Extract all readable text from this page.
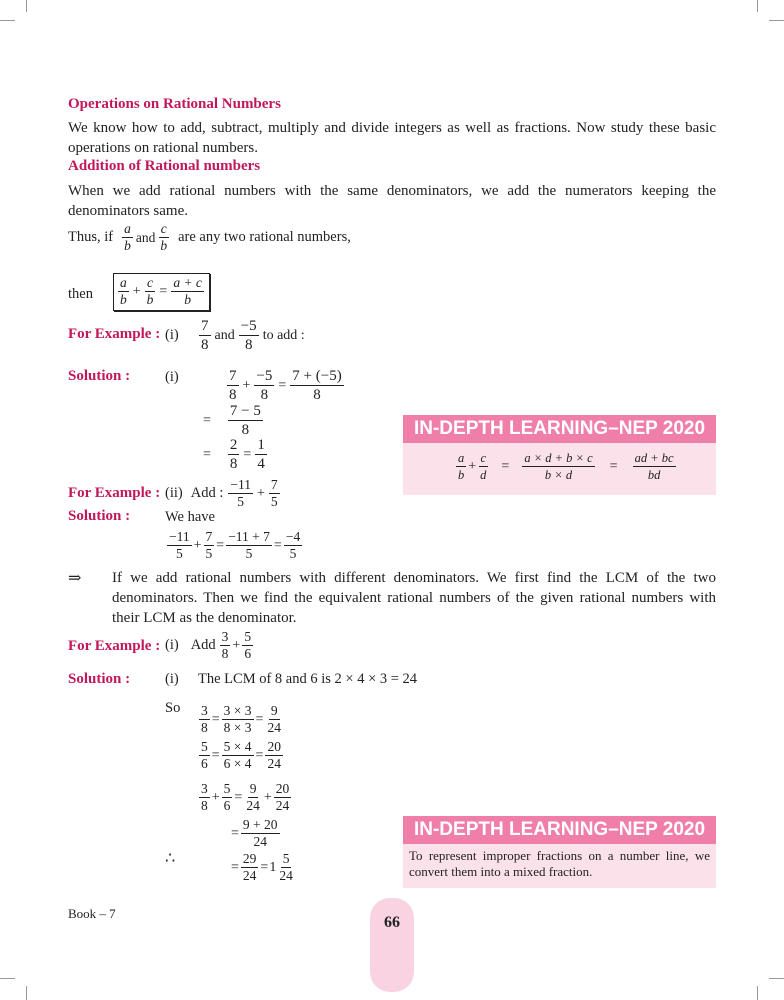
Operations on Rational Numbers
We know how to add, subtract, multiply and divide integers as well as fractions. Now study these basic operations on rational numbers.
Addition of Rational numbers
When we add rational numbers with the same denominators, we add the numerators keeping the denominators same.
Thus, if $\frac{a}{b}$ and $\frac{c}{b}$ are any two rational numbers,
then $\frac{a}{b} + \frac{c}{b} = \frac{a + c}{b}$
For Example : $(i) \frac{7}{8}$ and $\frac{-5}{8}$ to add :
Solution : (i)	$\frac{7}{8} + \frac{-5}{8} = \frac{7 + (-5)}{8}$
= $\frac{7 - 5}{8}$
= $\frac{2}{8} = \frac{1}{4}$
IN-DEPTH LEARNING–NEP 2020
$\frac{a}{b} + \frac{c}{d} = \frac{a \times d + b \times c}{b \times d} = \frac{ad + bc}{bd}$
For Example : (ii) Add : $\frac{-11}{5} + \frac{7}{5}$
Solution : We have
$\frac{-11}{5} + \frac{7}{5} = \frac{-11 + 7}{5} = \frac{-4}{5}$
⇒ If we add rational numbers with different denominators. We first find the LCM of the two denominators. Then we find the equivalent rational numbers of the given rational numbers with their LCM as the denominator.
For Example : (i) Add $\frac{3}{8} + \frac{5}{6}$
Solution : (i) The LCM of 8 and 6 is 2 × 4 × 3 = 24
So $\frac{3}{8} = \frac{3 \times 3}{8 \times 3} = \frac{9}{24}$
$\frac{5}{6} = \frac{5 \times 4}{6 \times 4} = \frac{20}{24}$
$\frac{3}{8} + \frac{5}{6} = \frac{9}{24} + \frac{20}{24}$
= $\frac{9 + 20}{24}$
∴	= $\frac{29}{24} = 1 \frac{5}{24}$
IN-DEPTH LEARNING–NEP 2020
To represent improper fractions on a number line, we convert them into a mixed fraction.
Book – 7
66
